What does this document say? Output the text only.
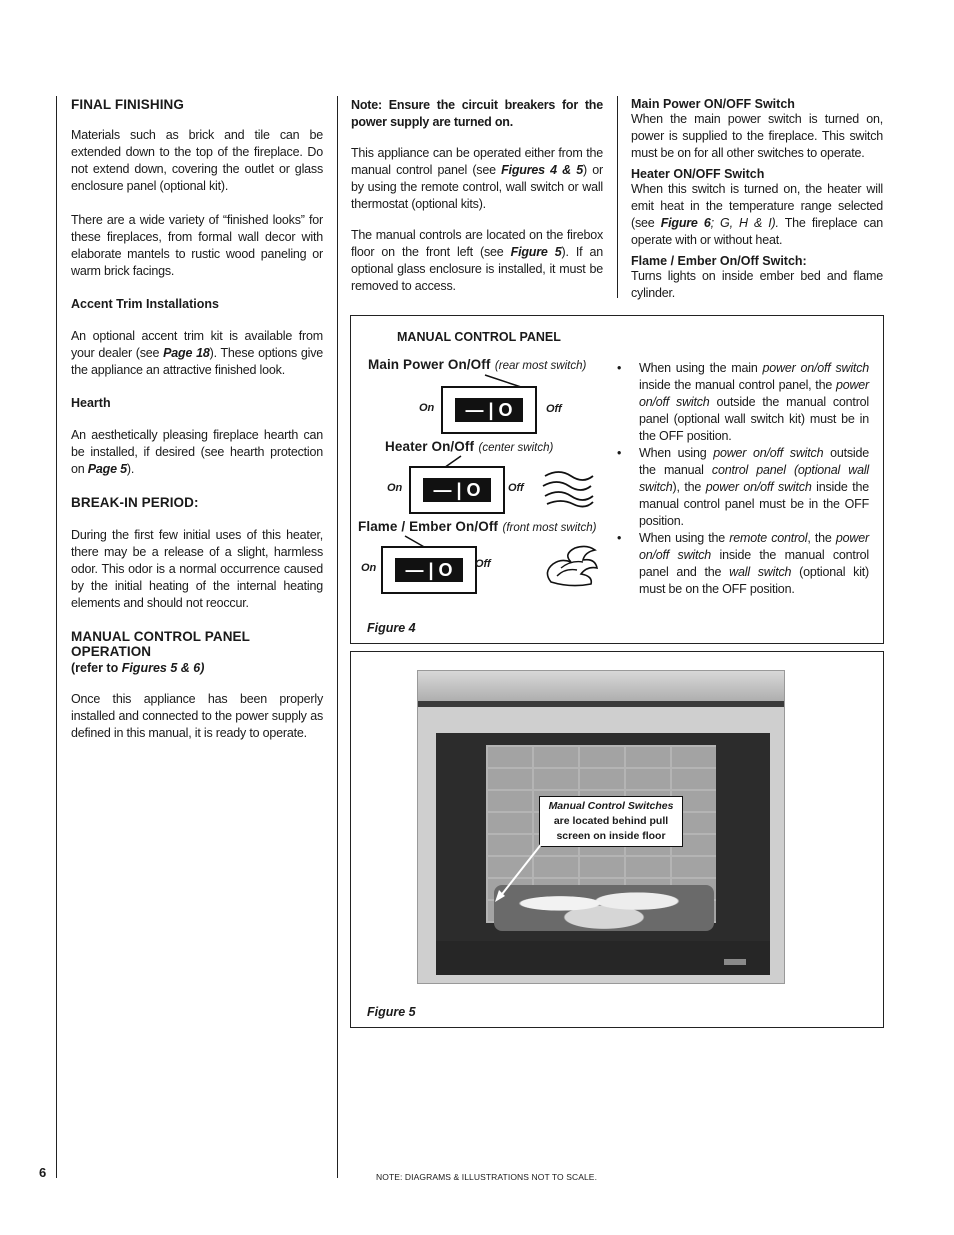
FINAL FINISHING

Materials such as brick and tile can be extended down to the top of the fireplace. Do not extend down, covering the outlet or glass enclosure panel (optional kit).

There are a wide variety of “finished looks” for these fireplaces, from formal wall decor with elaborate mantels to rustic wood paneling or warm brick facings.

Accent Trim Installations

An optional accent trim kit is available from your dealer (see Page 18). These options give the appliance an attractive finished look.

Hearth

An aesthetically pleasing fireplace hearth can be installed, if desired (see hearth protection on Page 5).

BREAK-IN PERIOD:

During the first few initial uses of this heater, there may be a release of a slight, harmless odor. This odor is a normal occurrence caused by the initial heating of the internal heating elements and should not reoccur.

MANUAL CONTROL PANEL OPERATION
(refer to Figures 5 & 6)

Once this appliance has been properly installed and connected to the power supply as defined in this manual, it is ready to operate.

Note: Ensure the circuit breakers for the power supply are turned on.

This appliance can be operated either from the manual control panel (see Figures 4 & 5) or by using the remote control, wall switch or wall thermostat (optional kits).

The manual controls are located on the firebox floor on the front left (see Figure 5). If an optional glass enclosure is installed, it must be removed to access.

Main Power ON/OFF Switch

When the main power switch is turned on, power is supplied to the fireplace. This switch must be on for all other switches to operate.

Heater ON/OFF Switch

When this switch is turned on, the heater will emit heat in the temperature range selected (see Figure 6; G, H & I). The fireplace can operate with or without heat.

Flame / Ember On/Off Switch:

Turns lights on inside ember bed and flame cylinder.

MANUAL CONTROL PANEL
Main Power On/Off (rear most switch)
On	— | O	Off
Heater On/Off (center switch)
On	— | O	Off
Flame / Ember On/Off (front most switch)
On	— | O	Off
Figure 4
• When using the main power on/off switch inside the manual control panel, the power on/off switch outside the manual control panel (optional wall switch kit) must be in the OFF position.
• When using power on/off switch outside the manual control panel (optional wall switch), the power on/off switch inside the manual control panel must be in the OFF position.
• When using the remote control, the power on/off switch inside the manual control panel and the wall switch (optional kit) must be on the OFF position.
Manual Control Switches
are located behind pull
screen on inside floor
Figure 5
6	NOTE: DIAGRAMS & ILLUSTRATIONS NOT TO SCALE.
